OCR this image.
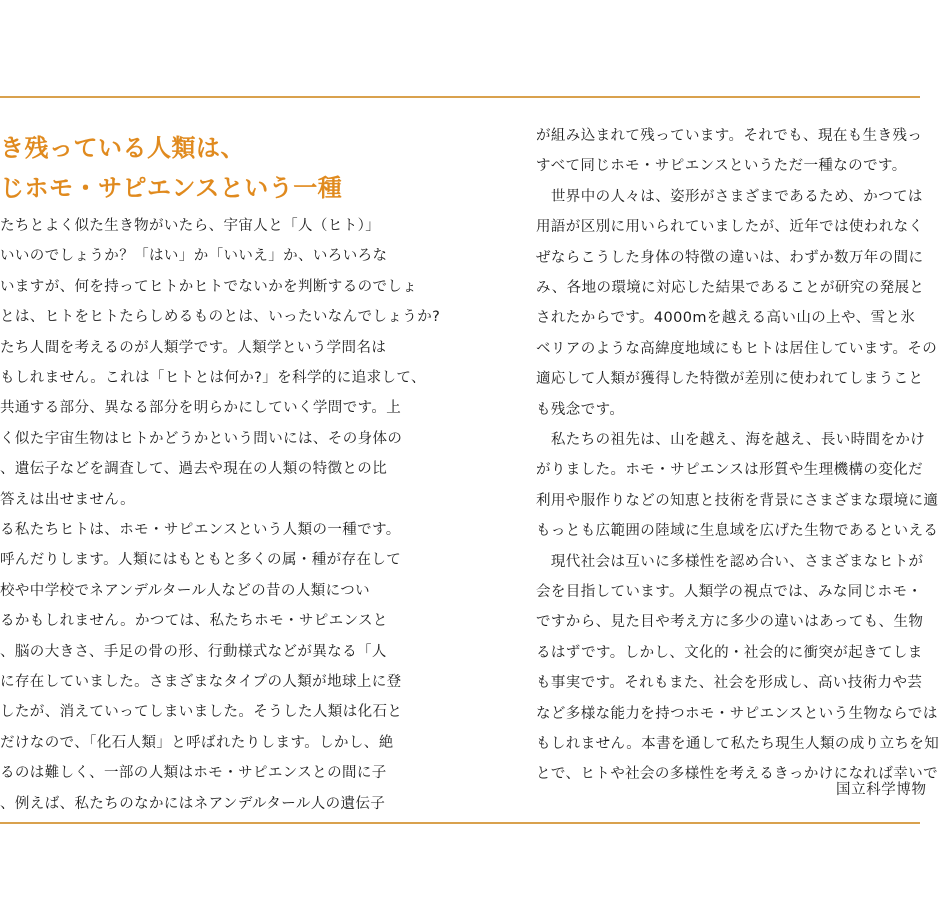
き残っている人類は、
じホモ・サピエンスという一種
たちとよく似た生き物がいたら、宇宙人と「人（ヒト）」
いいのでしょうか？「はい」か「いいえ」か、いろいろな
いますが、何を持ってヒトかヒトでないかを判断するのでしょ
とは、ヒトをヒトたらしめるものとは、いったいなんでしょうか?
たち人間を考えるのが人類学です。人類学という学問名は
もしれません。これは「ヒトとは何か?」を科学的に追求して、
共通する部分、異なる部分を明らかにしていく学問です。上
く似た宇宙生物はヒトかどうかという問いには、その身体の
、遺伝子などを調査して、過去や現在の人類の特徴との比
答えは出せません。
る私たちヒトは、ホモ・サピエンスという人類の一種です。
呼んだりします。人類にはもともと多くの属・種が存在して
校や中学校でネアンデルタール人などの昔の人類につい
るかもしれません。かつては、私たちホモ・サピエンスと
、脳の大きさ、手足の骨の形、行動様式などが異なる「人
に存在していました。さまざまなタイプの人類が地球上に登
したが、消えていってしまいました。そうした人類は化石と
だけなので、「化石人類」と呼ばれたりします。しかし、絶
るのは難しく、一部の人類はホモ・サピエンスとの間に子
、例えば、私たちのなかにはネアンデルタール人の遺伝子
国立科学博物
が組み込まれて残っています。それでも、現在も生き残っ
すべて同じホモ・サピエンスというただ一種なのです。
　世界中の人々は、姿形がさまざまであるため、かつては
用語が区別に用いられていましたが、近年では使われなく
ぜならこうした身体の特徴の違いは、わずか数万年の間に
み、各地の環境に対応した結果であることが研究の発展と
されたからです。4000mを越える高い山の上や、雪と氷
ベリアのような高緯度地域にもヒトは居住しています。その
適応して人類が獲得した特徴が差別に使われてしまうこと
も残念です。
　私たちの祖先は、山を越え、海を越え、長い時間をかけ
がりました。ホモ・サピエンスは形質や生理機構の変化だ
利用や服作りなどの知恵と技術を背景にさまざまな環境に適
もっとも広範囲の陸域に生息域を広げた生物であるといえる
　現代社会は互いに多様性を認め合い、さまざまなヒトが
会を目指しています。人類学の視点では、みな同じホモ・
ですから、見た目や考え方に多少の違いはあっても、生物
るはずです。しかし、文化的・社会的に衝突が起きてしま
も事実です。それもまた、社会を形成し、高い技術力や芸
など多様な能力を持つホモ・サピエンスという生物ならでは
もしれません。本書を通して私たち現生人類の成り立ちを知
とで、ヒトや社会の多様性を考えるきっかけになれば幸いで
